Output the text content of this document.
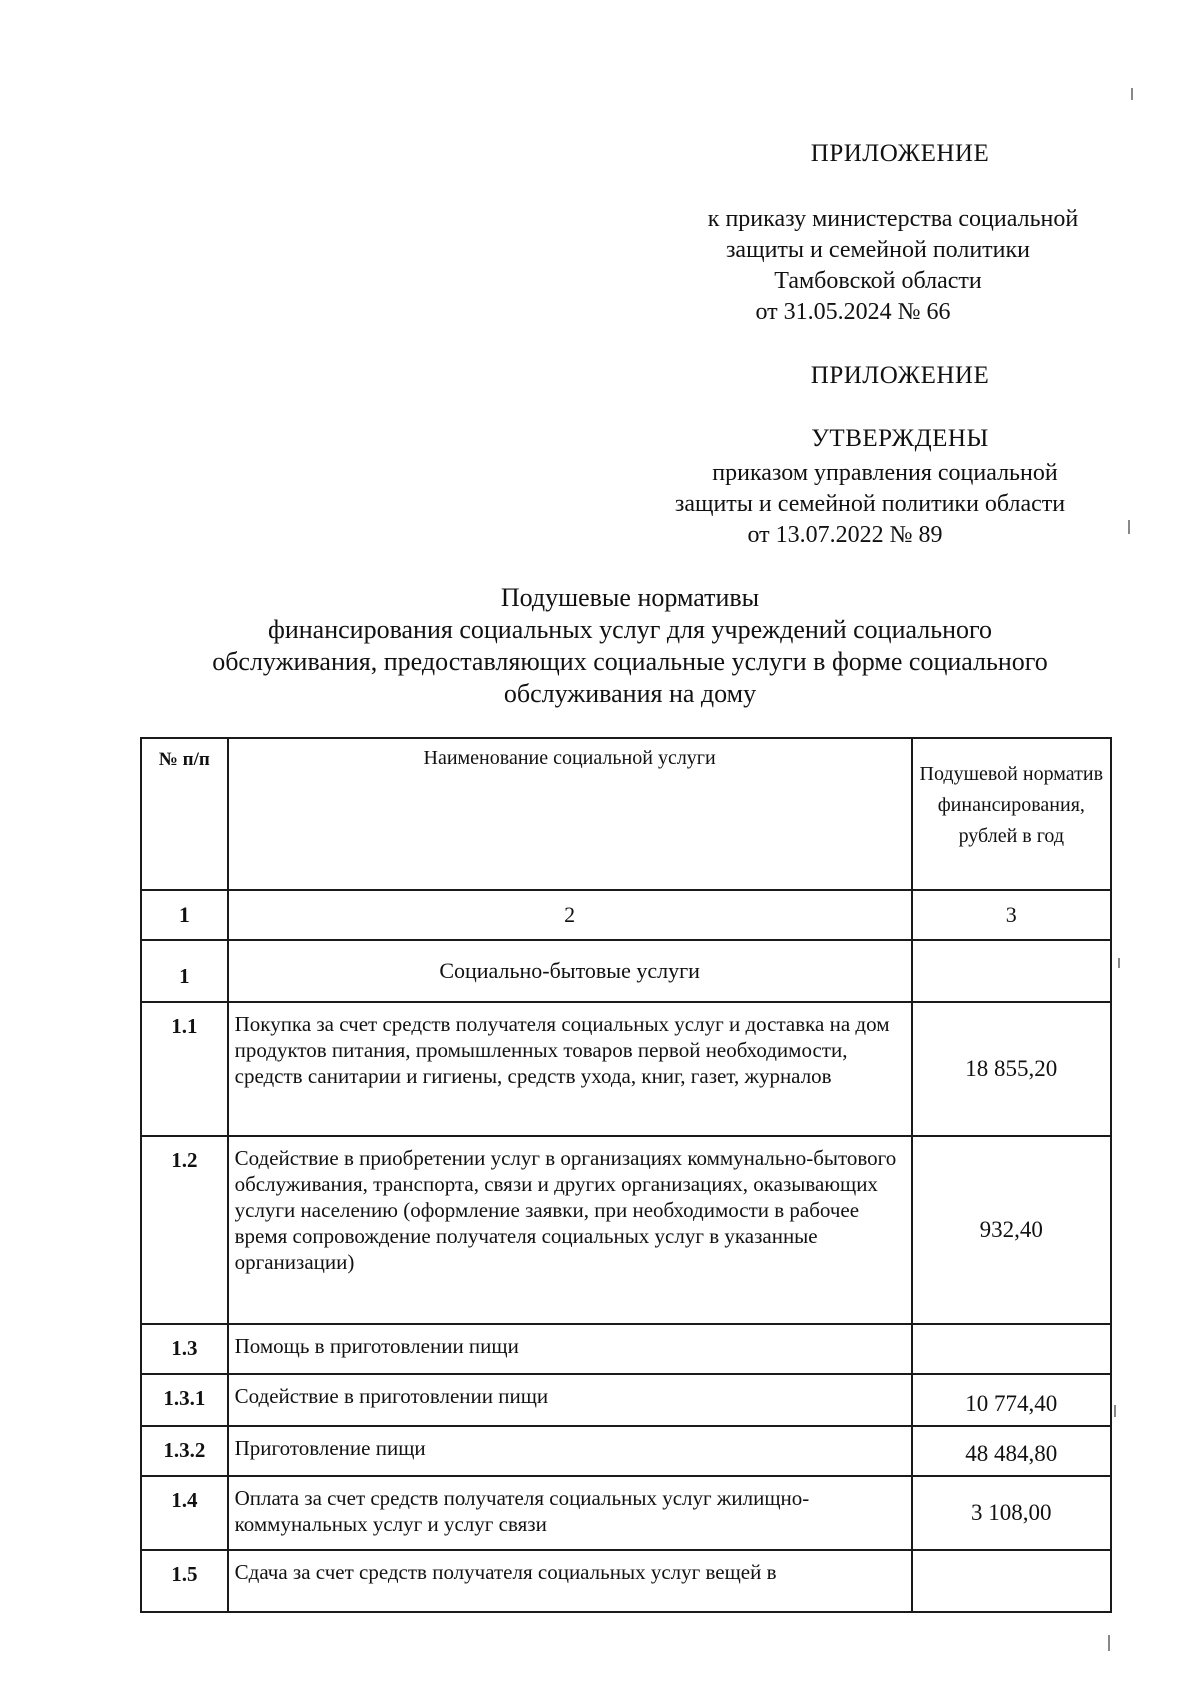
ПРИЛОЖЕНИЕ
к приказу министерства социальной
защиты и семейной политики
Тамбовской области
от 31.05.2024 № 66
ПРИЛОЖЕНИЕ
УТВЕРЖДЕНЫ
приказом управления социальной
защиты и семейной политики области
от 13.07.2022 № 89
Подушевые нормативы
финансирования социальных услуг для учреждений социального
обслуживания, предоставляющих социальные услуги в форме социального
обслуживания на дому
№ п/п	Наименование социальной услуги	Подушевой норматив финансирования, рублей в год
1	2	3
1	Социально-бытовые услуги	
1.1	Покупка за счет средств получателя социальных услуг и доставка на дом продуктов питания, промышленных товаров первой необходимости, средств санитарии и гигиены, средств ухода, книг, газет, журналов	18 855,20
1.2	Содействие в приобретении услуг в организациях коммунально-бытового обслуживания, транспорта, связи и других организациях, оказывающих услуги населению (оформление заявки, при необходимости в рабочее время сопровождение получателя социальных услуг в указанные организации)	932,40
1.3	Помощь в приготовлении пищи	
1.3.1	Содействие в приготовлении пищи	10 774,40
1.3.2	Приготовление пищи	48 484,80
1.4	Оплата за счет средств получателя социальных услуг жилищно-коммунальных услуг и услуг связи	3 108,00
1.5	Сдача за счет средств получателя социальных услуг вещей в	
